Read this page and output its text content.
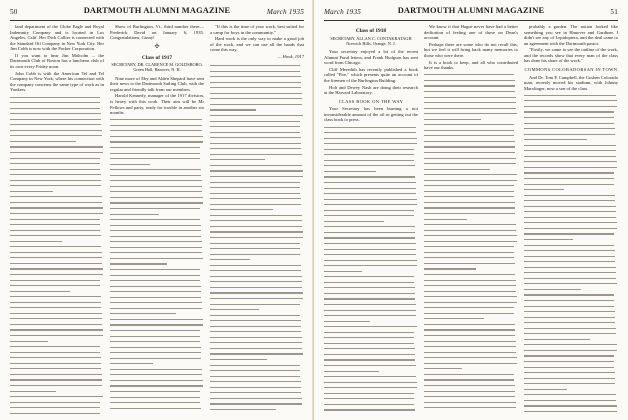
50	DARTMOUTH ALUMNI MAGAZINE	March 1935

land department of the Globe Eagle and Royal Indemnity Company and is located in Los Angeles, Calif. Her Dick Collier is connected with the Standard Oil Company in New York City. Her Jim Cobb is now with the Packer Corporation.

If you want to hear Jim Malcolm ... the Dartmouth Club of Boston has a luncheon club of its own every Friday noon.

John Cobb is with the American Tel and Tel Company in New York, where his connection with the company concerns the same type of work as in Yonkers.

Show of Burlington, Vt., third number there—Frederick David on January 6, 1935. Congratulations, Ginny!

✣
Class of 1917
SECRETARY, DR. CLARENCE M. GOLDSBORO, Green Hall, Hanover, N. H.

Nine more of Eby and Alden Shepard have sent their news to the Dartmouth Sailing Club, with the regular and friendly talk from our members.

Harold Kennedy, manager of the 1917 division, is heavy with this work. Their aim will be Mr Fellows and party, ready for trouble in another six months.

"If this is the time of your work, best suited for a camp for boys in the community."

Hard work is the only way to make a good job of the work, and we can use all the hands that come this way.

— Hook, 1917
March 1935	DARTMOUTH ALUMNI MAGAZINE	51
Class of 1918
SECRETARY, ALLAN C. CONTAKRATAGH Norwich Hills, Orange, N. J.

Your secretary enjoyed a lot of the recent Alumni Fund letters, and Frank Hodgson has sent word from Chicago.

Cliff Meredith has recently published a book called "Fire," which presents quite an account of the firemen of the Burlington Building.

Holt and Dewey Nash are doing their research at the Harvard Laboratory.

CLASS BOOK ON THE WAY

Your Secretary has been burning a not inconsiderable amount of the oil in getting out the class book to press.

We know it that Hague never have had a better dedication of feeling one of those on Dean's account.

Perhaps there are some who do not recall this, but we feel it will bring back many memories to those who were there.

It is a book to keep, and all who contributed have our thanks.

probably a garden. The notion looked like something you see in Hanover and Gardiner. I didn't see any of Lepidoptera, and the deal came to an agreement with the Dartmouth pastor.

"Firstly, we came to see the outline of the work, and the records show that every man of the class has done his share of the work."

COMMONS COLORADORSAN IN TOWN

And Dr. Tom P. Campbell, the Goshen Colorado man, recently moved his stadium, with Johnny Marxlinger, now a son of the class.
